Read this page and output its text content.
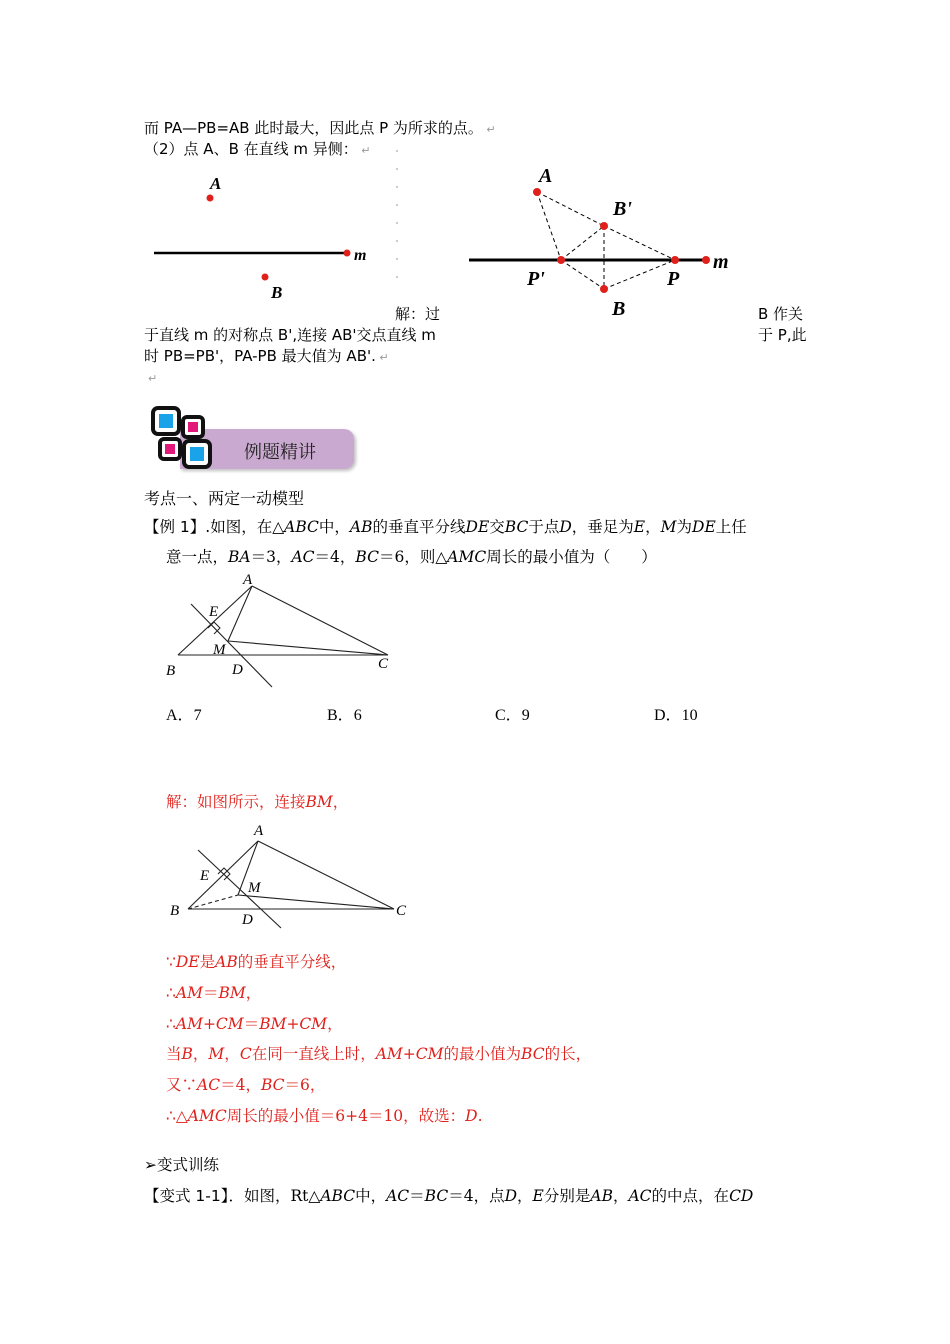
而 PA—PB=AB 此时最大，因此点 P 为所求的点。 ↵
（2）点 A、B 在直线 m 异侧： ↵
A
m
B
A
B'
P'	P
m
B
解：过	B 作关
于直线 m 的对称点 B',连接 AB'交点直线 m	于 P,此
时 PB=PB'，PA-PB 最大值为 AB'. ↵
↵
例题精讲
考点一、两定一动模型
【例 1】.如图，在△ABC中，AB的垂直平分线DE交BC于点D，垂足为E，M为DE上任
意一点，BA＝3，AC＝4，BC＝6，则△AMC周长的最小值为（　　）
A
B	C
D
E
M
A．7	B．6	C．9	D．10
解：如图所示，连接BM，
A
B	C
D
E
M
∵DE是AB的垂直平分线，
∴AM＝BM，
∴AM+CM＝BM+CM，
当B，M，C在同一直线上时，AM+CM的最小值为BC的长，
又∵AC＝4，BC＝6，
∴△AMC周长的最小值＝6+4＝10，故选：D.
➢变式训练
【变式 1-1】．如图，Rt△ABC中，AC＝BC＝4，点D，E分别是AB，AC的中点，在CD
